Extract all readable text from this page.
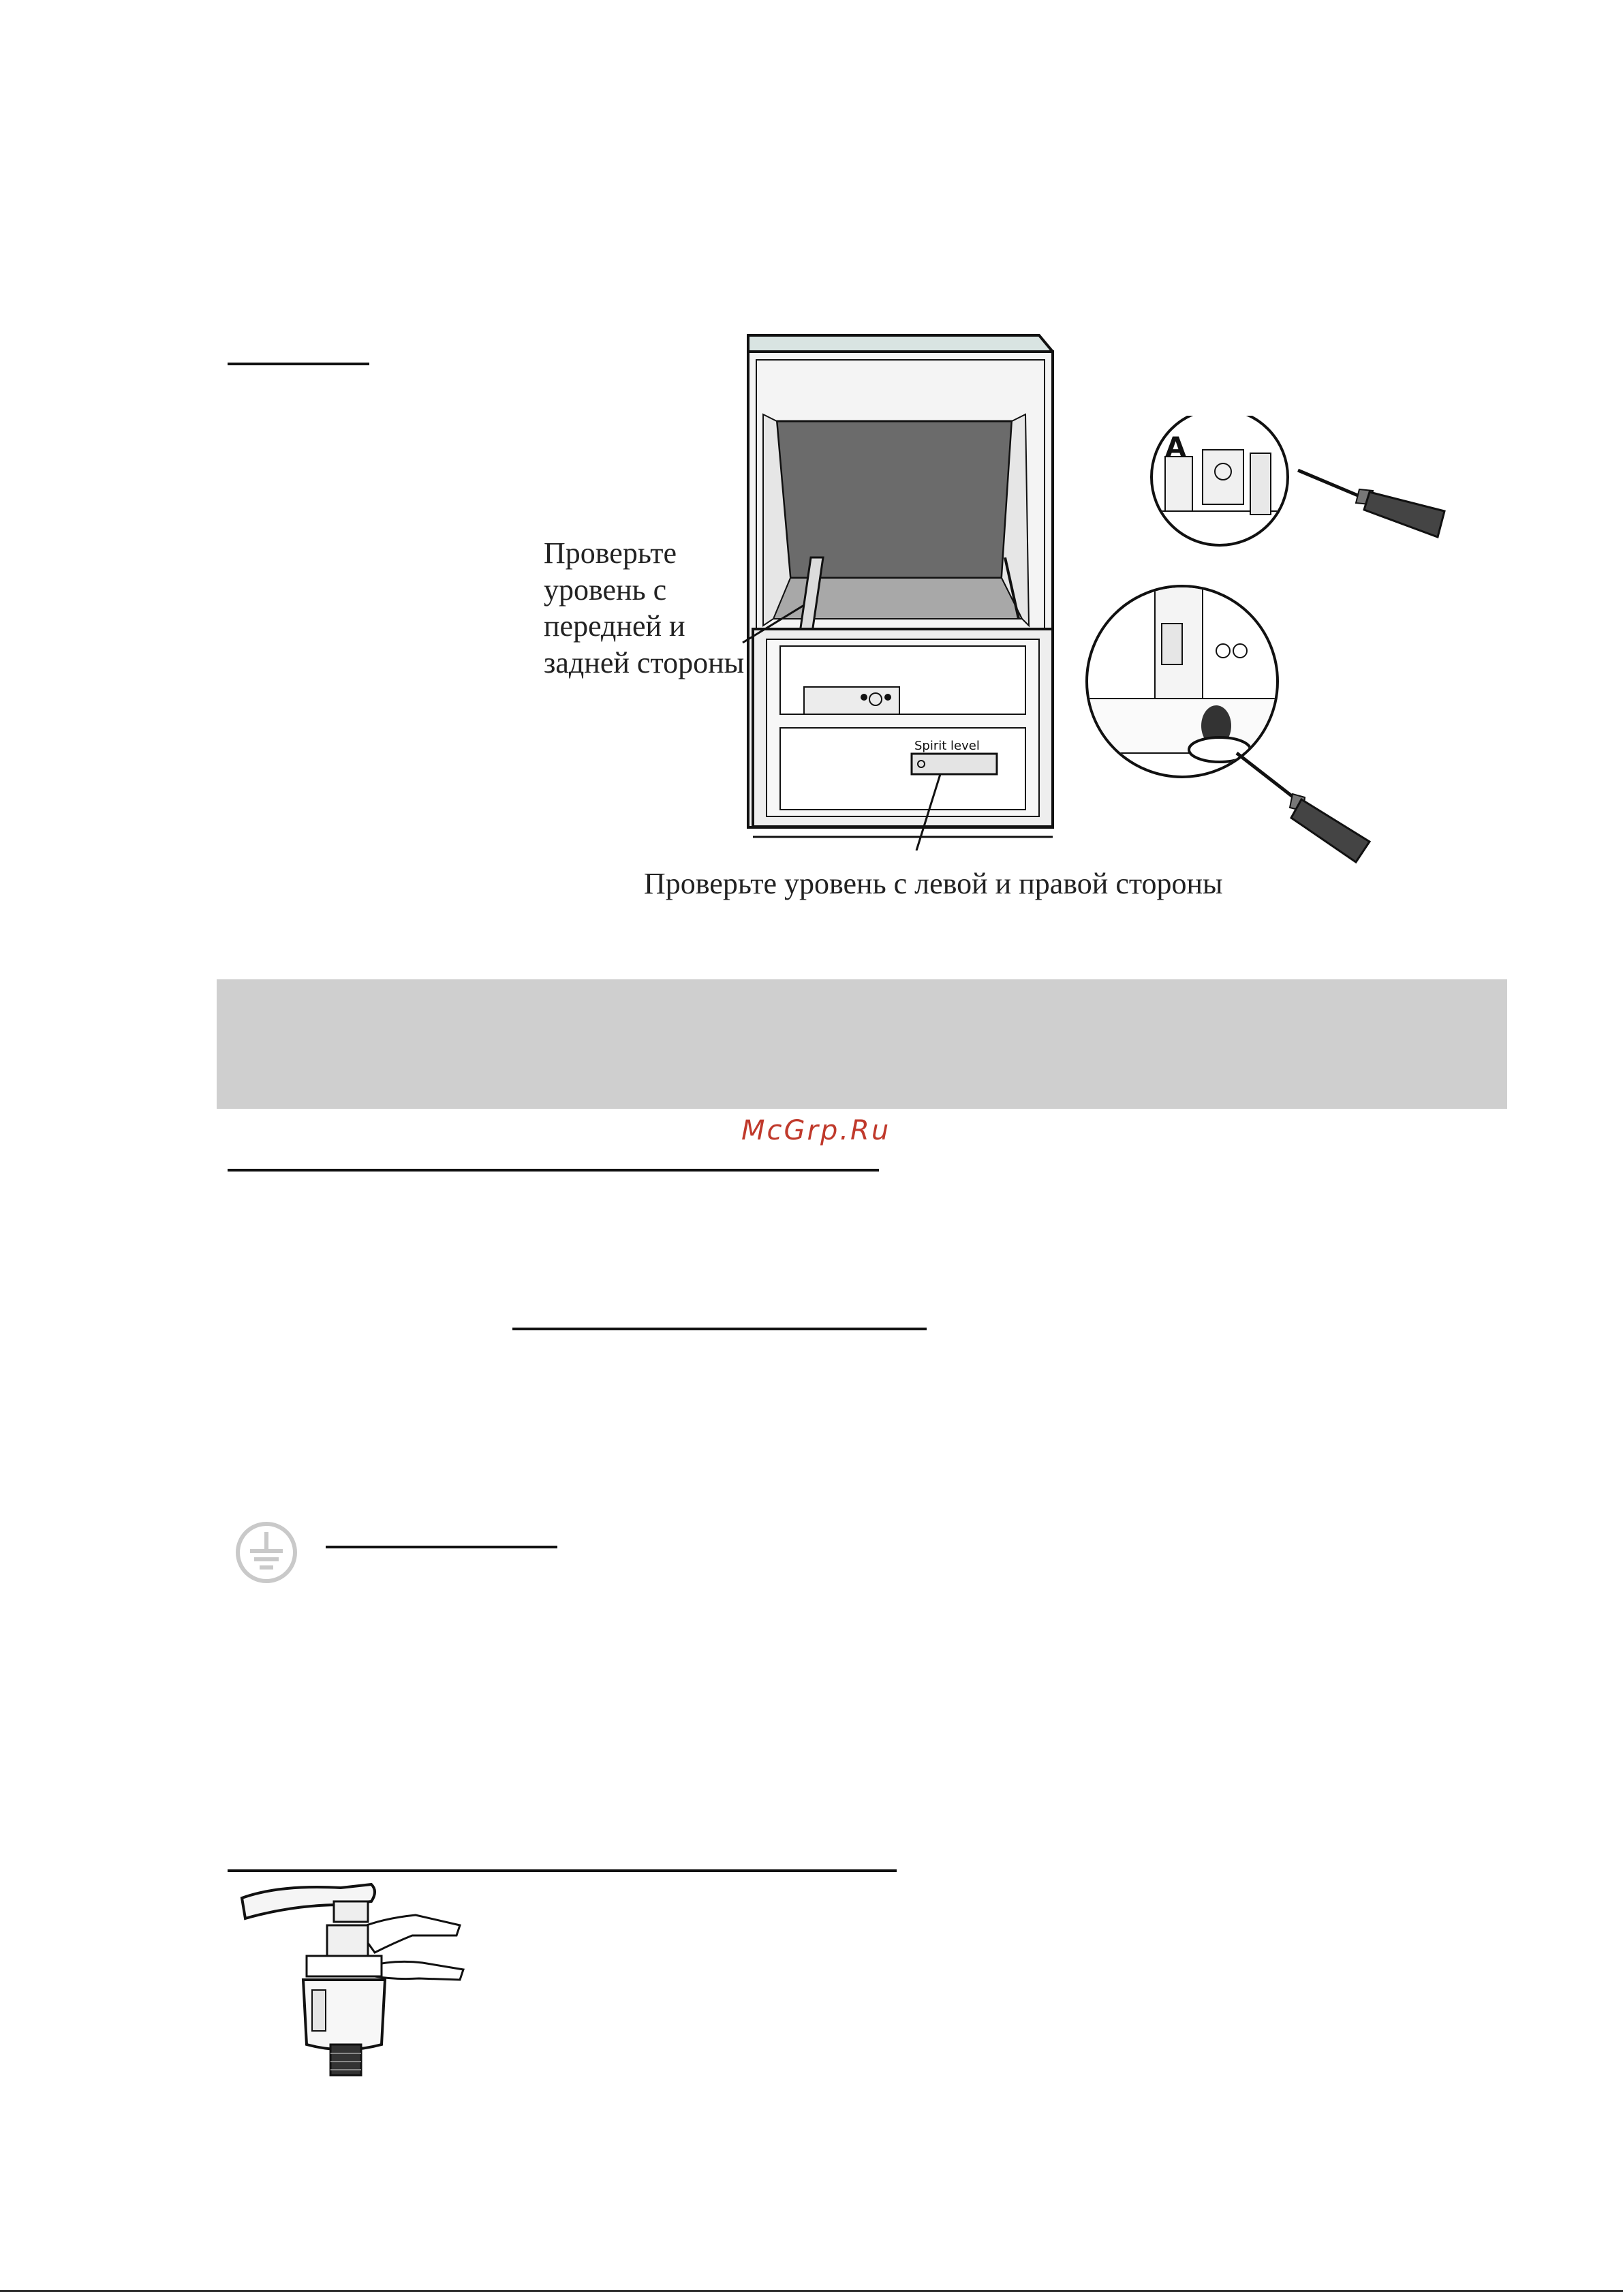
Spirit level
Проверьте
уровень с
передней и
задней стороны
Проверьте уровень с левой и правой стороны
A
McGrp.Ru
